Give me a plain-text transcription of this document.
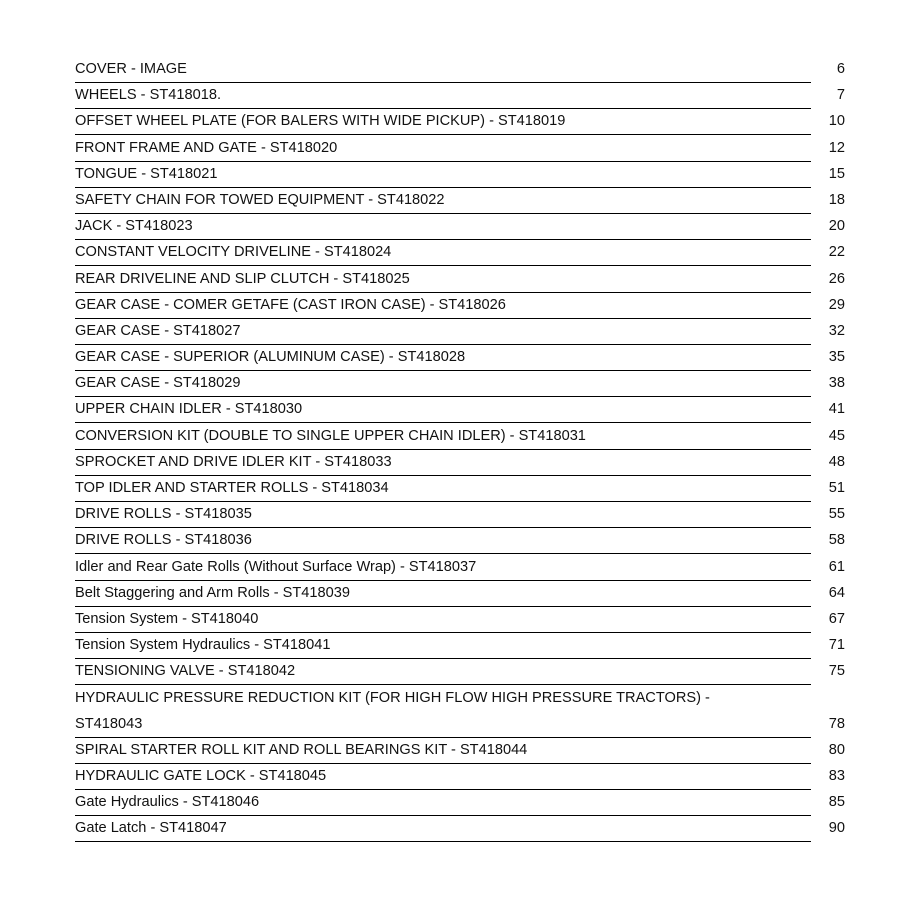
COVER - IMAGE	6
WHEELS - ST418018.	7
OFFSET WHEEL PLATE (FOR BALERS WITH WIDE PICKUP) - ST418019	10
FRONT FRAME AND GATE - ST418020	12
TONGUE - ST418021	15
SAFETY CHAIN FOR TOWED EQUIPMENT - ST418022	18
JACK - ST418023	20
CONSTANT VELOCITY DRIVELINE - ST418024	22
REAR DRIVELINE AND SLIP CLUTCH - ST418025	26
GEAR CASE - COMER GETAFE (CAST IRON CASE) - ST418026	29
GEAR CASE - ST418027	32
GEAR CASE - SUPERIOR (ALUMINUM CASE) - ST418028	35
GEAR CASE - ST418029	38
UPPER CHAIN IDLER - ST418030	41
CONVERSION KIT (DOUBLE TO SINGLE UPPER CHAIN IDLER) - ST418031	45
SPROCKET AND DRIVE IDLER KIT - ST418033	48
TOP IDLER AND STARTER ROLLS - ST418034	51
DRIVE ROLLS - ST418035	55
DRIVE ROLLS - ST418036	58
Idler and Rear Gate Rolls (Without Surface Wrap) - ST418037	61
Belt Staggering and Arm Rolls - ST418039	64
Tension System - ST418040	67
Tension System Hydraulics - ST418041	71
TENSIONING VALVE - ST418042	75
HYDRAULIC PRESSURE REDUCTION KIT (FOR HIGH FLOW HIGH PRESSURE TRACTORS) -
ST418043	78
SPIRAL STARTER ROLL KIT AND ROLL BEARINGS KIT - ST418044	80
HYDRAULIC GATE LOCK - ST418045	83
Gate Hydraulics - ST418046	85
Gate Latch - ST418047	90
